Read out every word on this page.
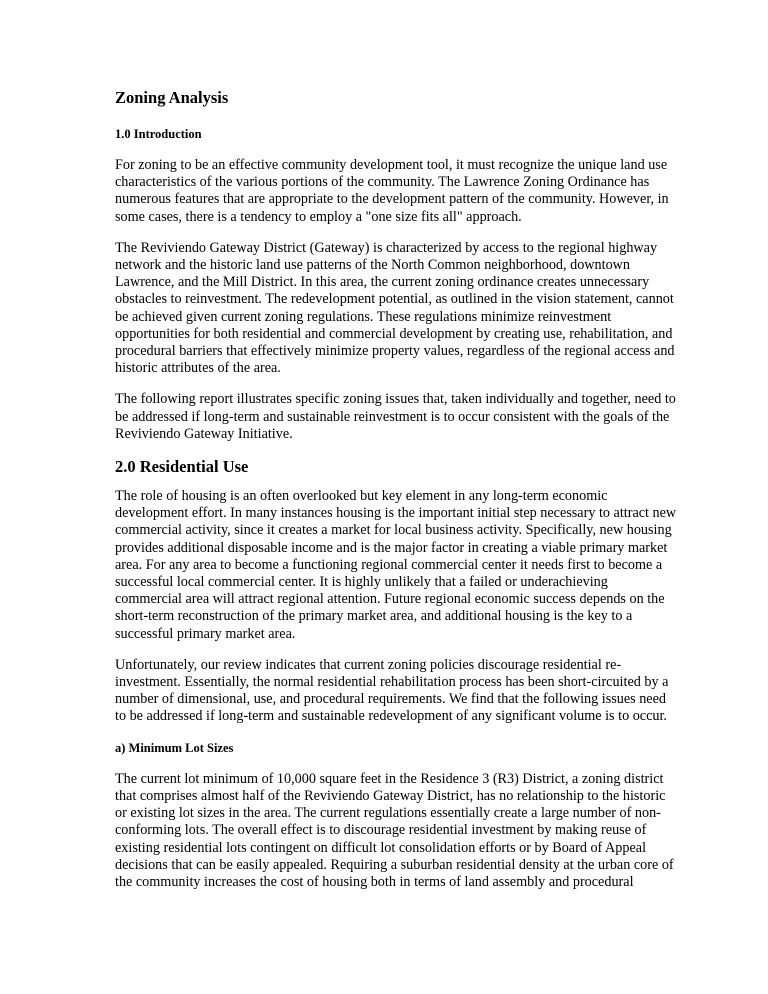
Zoning Analysis
1.0 Introduction

For zoning to be an effective community development tool, it must recognize the unique land use characteristics of the various portions of the community. The Lawrence Zoning Ordinance has numerous features that are appropriate to the development pattern of the community. However, in some cases, there is a tendency to employ a "one size fits all" approach.

The Reviviendo Gateway District (Gateway) is characterized by access to the regional highway network and the historic land use patterns of the North Common neighborhood, downtown Lawrence, and the Mill District. In this area, the current zoning ordinance creates unnecessary obstacles to reinvestment. The redevelopment potential, as outlined in the vision statement, cannot be achieved given current zoning regulations. These regulations minimize reinvestment opportunities for both residential and commercial development by creating use, rehabilitation, and procedural barriers that effectively minimize property values, regardless of the regional access and historic attributes of the area.

The following report illustrates specific zoning issues that, taken individually and together, need to be addressed if long-term and sustainable reinvestment is to occur consistent with the goals of the Reviviendo Gateway Initiative.

2.0 Residential Use

The role of housing is an often overlooked but key element in any long-term economic development effort. In many instances housing is the important initial step necessary to attract new commercial activity, since it creates a market for local business activity. Specifically, new housing provides additional disposable income and is the major factor in creating a viable primary market area. For any area to become a functioning regional commercial center it needs first to become a successful local commercial center. It is highly unlikely that a failed or underachieving commercial area will attract regional attention. Future regional economic success depends on the short-term reconstruction of the primary market area, and additional housing is the key to a successful primary market area.

Unfortunately, our review indicates that current zoning policies discourage residential re-investment. Essentially, the normal residential rehabilitation process has been short-circuited by a number of dimensional, use, and procedural requirements. We find that the following issues need to be addressed if long-term and sustainable redevelopment of any significant volume is to occur.

a) Minimum Lot Sizes

The current lot minimum of 10,000 square feet in the Residence 3 (R3) District, a zoning district that comprises almost half of the Reviviendo Gateway District, has no relationship to the historic or existing lot sizes in the area. The current regulations essentially create a large number of non-conforming lots. The overall effect is to discourage residential investment by making reuse of existing residential lots contingent on difficult lot consolidation efforts or by Board of Appeal decisions that can be easily appealed. Requiring a suburban residential density at the urban core of the community increases the cost of housing both in terms of land assembly and procedural
